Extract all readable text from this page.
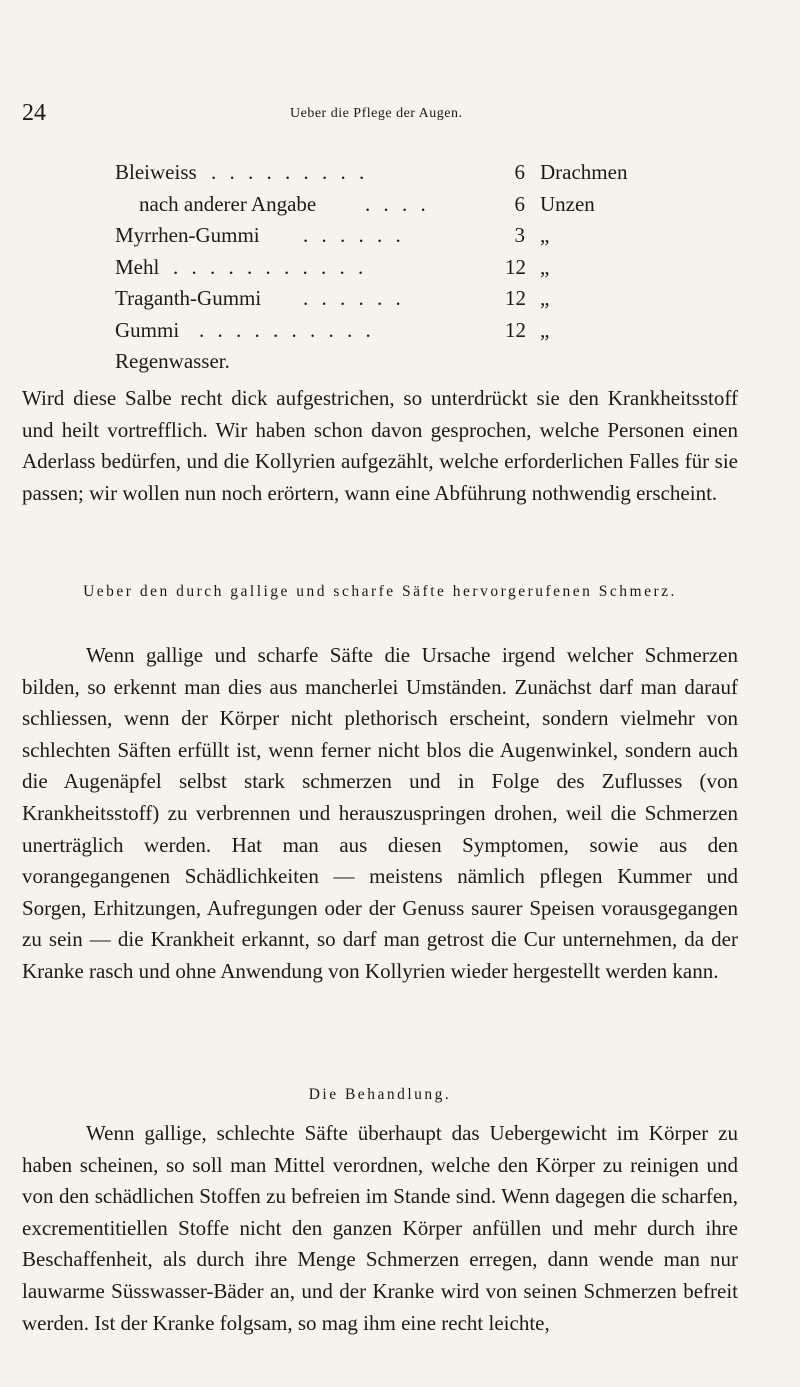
24	Ueber die Pflege der Augen.
Bleiweiss . . . . . . . . .	6 Drachmen
nach anderer Angabe . . . .	6 Unzen
Myrrhen-Gummi . . . . . .	3 „
Mehl . . . . . . . . . . .	12 „
Traganth-Gummi . . . . . .	12 „
Gummi . . . . . . . . . .	12 „
Regenwasser.

Wird diese Salbe recht dick aufgestrichen, so unterdrückt sie den Krankheitsstoff und heilt vortrefflich. Wir haben schon davon gesprochen, welche Personen einen Aderlass bedürfen, und die Kollyrien aufgezählt, welche erforderlichen Falles für sie passen; wir wollen nun noch erörtern, wann eine Abführung nothwendig erscheint.

Ueber den durch gallige und scharfe Säfte hervorgerufenen Schmerz.

Wenn gallige und scharfe Säfte die Ursache irgend welcher Schmerzen bilden, so erkennt man dies aus mancherlei Umständen. Zunächst darf man darauf schliessen, wenn der Körper nicht plethorisch erscheint, sondern vielmehr von schlechten Säften erfüllt ist, wenn ferner nicht blos die Augenwinkel, sondern auch die Augenäpfel selbst stark schmerzen und in Folge des Zuflusses (von Krankheitsstoff) zu verbrennen und herauszuspringen drohen, weil die Schmerzen unerträglich werden. Hat man aus diesen Symptomen, sowie aus den vorangegangenen Schädlichkeiten — meistens nämlich pflegen Kummer und Sorgen, Erhitzungen, Aufregungen oder der Genuss saurer Speisen vorausgegangen zu sein — die Krankheit erkannt, so darf man getrost die Cur unternehmen, da der Kranke rasch und ohne Anwendung von Kollyrien wieder hergestellt werden kann.

Die Behandlung.

Wenn gallige, schlechte Säfte überhaupt das Uebergewicht im Körper zu haben scheinen, so soll man Mittel verordnen, welche den Körper zu reinigen und von den schädlichen Stoffen zu befreien im Stande sind. Wenn dagegen die scharfen, excrementitiellen Stoffe nicht den ganzen Körper anfüllen und mehr durch ihre Beschaffenheit, als durch ihre Menge Schmerzen erregen, dann wende man nur lauwarme Süsswasser-Bäder an, und der Kranke wird von seinen Schmerzen befreit werden. Ist der Kranke folgsam, so mag ihm eine recht leichte,
